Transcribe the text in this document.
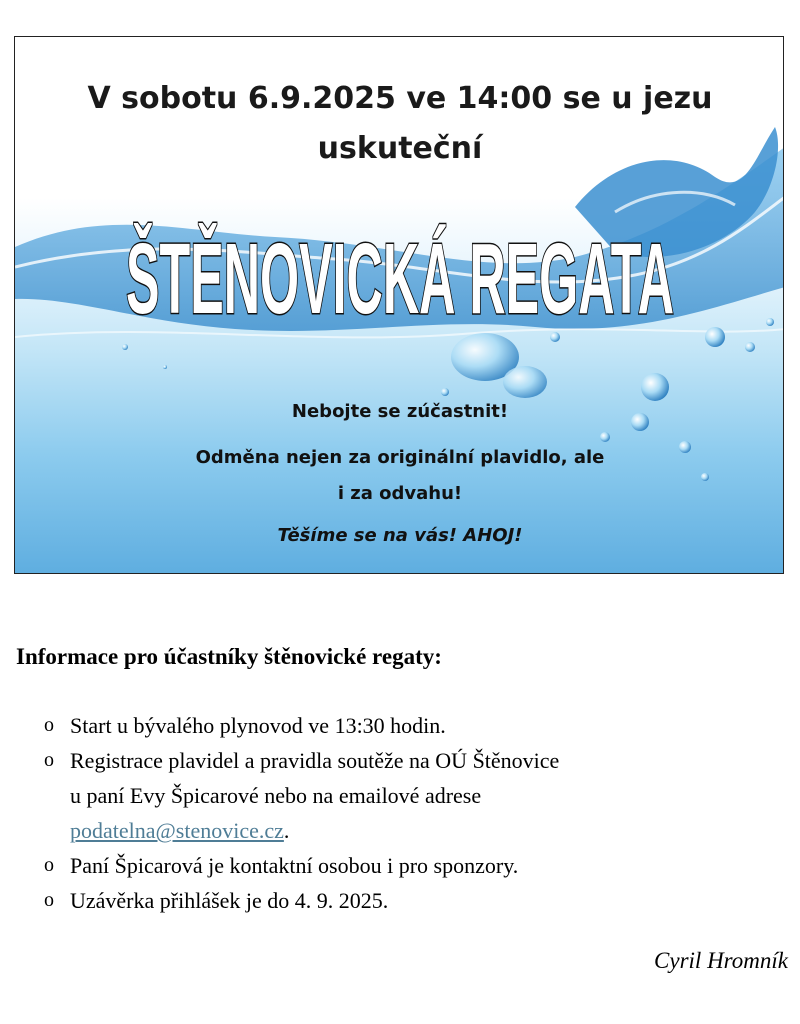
V sobotu 6.9.2025 ve 14:00 se u jezu

uskuteční

ŠTĚNOVICKÁ REGATA

Nebojte se zúčastnit!

Odměna nejen za originální plavidlo, ale

i za odvahu!

Těšíme se na vás! AHOJ!

Informace pro účastníky štěnovické regaty:
o Start u bývalého plynovod ve 13:30 hodin.
o Registrace plavidel a pravidla soutěže na OÚ Štěnovice
u paní Evy Špicarové nebo na emailové adrese
podatelna@stenovice.cz.
o Paní Špicarová je kontaktní osobou i pro sponzory.
o Uzávěrka přihlášek je do 4. 9. 2025.

Cyril Hromník
